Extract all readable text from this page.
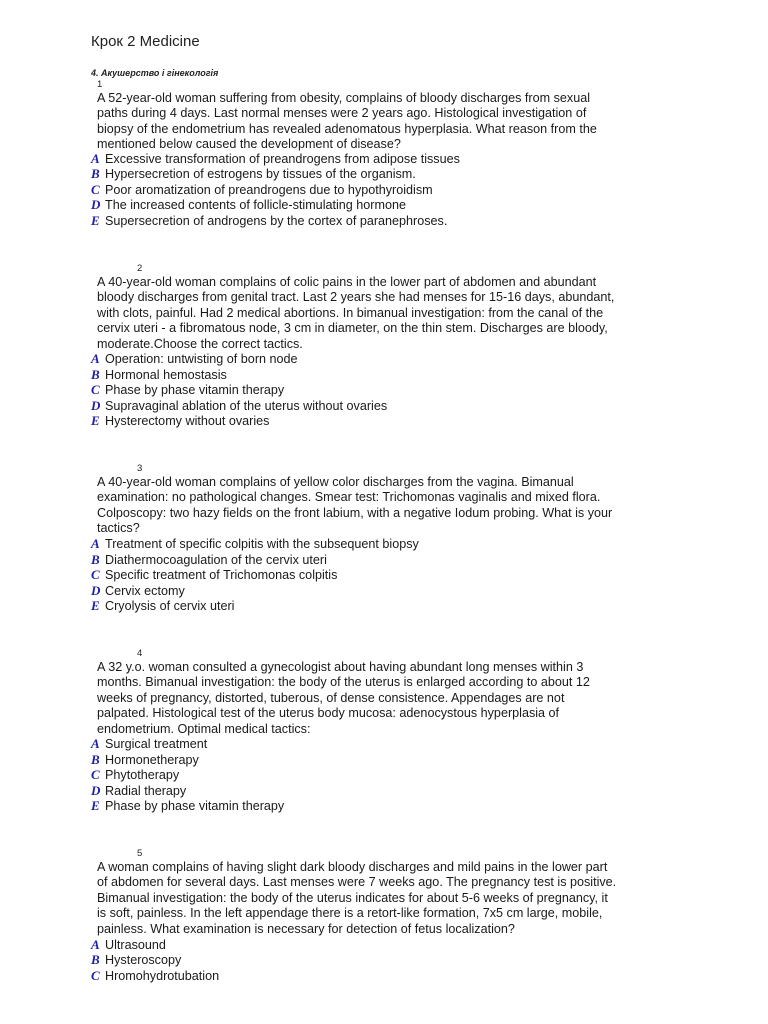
Крок 2 Medicine
4. Акушерство і гінекологія
1

A 52-year-old woman suffering from obesity, complains of bloody discharges from sexual
paths during 4 days. Last normal menses were 2 years ago. Histological investigation of
biopsy of the endometrium has revealed adenomatous hyperplasia. What reason from the
mentioned below caused the development of disease?

A Excessive transformation of preandrogens from adipose tissues
B Hypersecretion of estrogens by tissues of the organism.
C Poor aromatization of preandrogens due to hypothyroidism
D The increased contents of follicle-stimulating hormone
E Supersecretion of androgens by the cortex of paranephroses.
2

A 40-year-old woman complains of colic pains in the lower part of abdomen and abundant
bloody discharges from genital tract. Last 2 years she had menses for 15-16 days, abundant,
with clots, painful. Had 2 medical abortions. In bimanual investigation: from the canal of the
cervix uteri - a fibromatous node, 3 cm in diameter, on the thin stem. Discharges are bloody,
moderate.Choose the correct tactics.

A Operation: untwisting of born node
B Hormonal hemostasis
C Phase by phase vitamin therapy
D Supravaginal ablation of the uterus without ovaries
E Hysterectomy without ovaries
3

A 40-year-old woman complains of yellow color discharges from the vagina. Bimanual
examination: no pathological changes. Smear test: Trichomonas vaginalis and mixed flora.
Colposcopy: two hazy fields on the front labium, with a negative Iodum probing. What is your
tactics?

A Treatment of specific colpitis with the subsequent biopsy
B Diathermocoagulation of the cervix uteri
C Specific treatment of Trichomonas colpitis
D Cervix ectomy
E Cryolysis of cervix uteri
4

A 32 y.o. woman consulted a gynecologist about having abundant long menses within 3
months. Bimanual investigation: the body of the uterus is enlarged according to about 12
weeks of pregnancy, distorted, tuberous, of dense consistence. Appendages are not
palpated. Histological test of the uterus body mucosa: adenocystous hyperplasia of
endometrium. Optimal medical tactics:

A Surgical treatment
B Hormonetherapy
C Phytotherapy
D Radial therapy
E Phase by phase vitamin therapy
5

A woman complains of having slight dark bloody discharges and mild pains in the lower part
of abdomen for several days. Last menses were 7 weeks ago. The pregnancy test is positive.
Bimanual investigation: the body of the uterus indicates for about 5-6 weeks of pregnancy, it
is soft, painless. In the left appendage there is a retort-like formation, 7x5 cm large, mobile,
painless. What examination is necessary for detection of fetus localization?

A Ultrasound
B Hysteroscopy
C Hromohydrotubation
